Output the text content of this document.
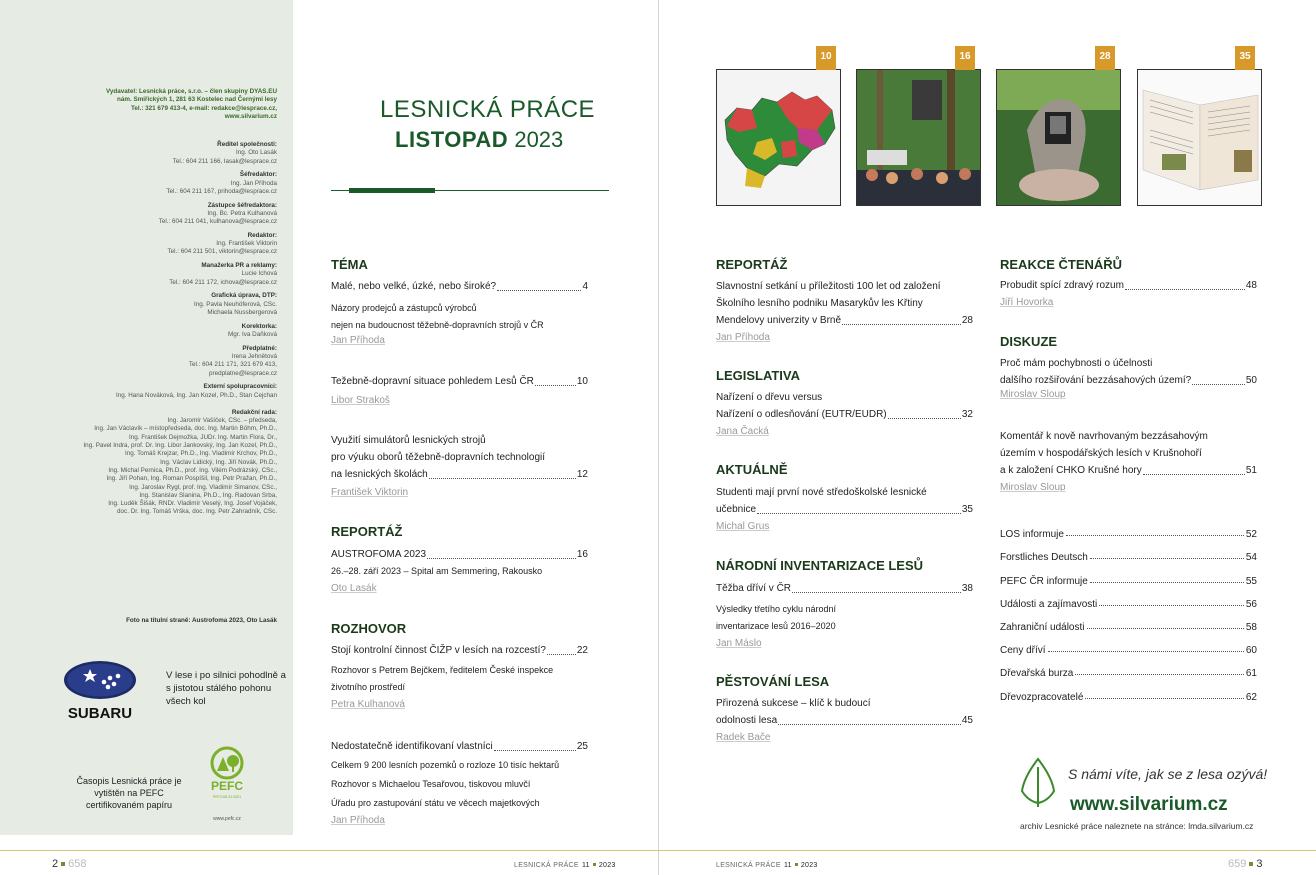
Vydavatel: Lesnická práce, s.r.o. – člen skupiny DYAS.EU
nám. Smiřických 1, 281 63 Kostelec nad Černými lesy
Tel.: 321 679 413-4, e-mail: redakce@lesprace.cz,
www.silvarium.cz
Ředitel společnosti:
Ing. Oto Lasák
Tel.: 604 211 166, lasak@lesprace.cz
Šéfredaktor:
Ing. Jan Příhoda
Tel.: 604 211 167, prihoda@lesprace.cz
Zástupce šéfredaktora:
Ing. Bc. Petra Kulhanová
Tel.: 604 211 041, kulhanova@lesprace.cz
Redaktor:
Ing. František Viktorin
Tel.: 604 211 501, viktorin@lesprace.cz
Manažerka PR a reklamy:
Lucie Ichová
Tel.: 604 211 172, ichova@lesprace.cz
Grafická úprava, DTP:
Ing. Pavla Neuhöferová, CSc.
Michaela Nussbergerová
Korektorka:
Mgr. Iva Daňková
Předplatné:
Irena Jehnětová
Tel.: 604 211 171, 321 679 413,
predplatne@lesprace.cz
Externí spolupracovníci:
Ing. Hana Nováková, Ing. Jan Kozel, Ph.D., Stan Cejchan
Redakční rada:
Ing. Jaromír Vašíček, CSc. – předseda,
Ing. Jan Václavík – místopředseda, doc. Ing. Martin Böhm, Ph.D.,
Ing. František Dejmožka, JUDr. Ing. Martin Flora, Dr.,
Ing. Pavel Indra, prof. Dr. Ing. Libor Jankovský, Ing. Jan Kozel, Ph.D.,
Ing. Tomáš Krejzar, Ph.D., Ing. Vladimír Krchov, Ph.D.,
Ing. Václav Lidický, Ing. Jiří Novák, Ph.D.,
Ing. Michal Pernica, Ph.D., prof. Ing. Vilém Podrázský, CSc.,
Ing. Jiří Pohan, Ing. Roman Pospíšil, Ing. Petr Pražan, Ph.D.,
Ing. Jaroslav Rygl, prof. Ing. Vladimír Simanov, CSc.,
Ing. Stanislav Slanina, Ph.D., Ing. Radovan Srba,
Ing. Luděk Šišák, RNDr. Vladimír Veselý, Ing. Josef Vojáček,
doc. Dr. Ing. Tomáš Vrška, doc. Ing. Petr Zahradník, CSc.
Foto na titulní straně: Austrofoma 2023, Oto Lasák
SUBARU
V lese i po silnici pohodlně a s jistotou stálého pohonu všech kol
Časopis Lesnická práce je vytištěn na PEFC certifikovaném papíru
PEFC
PEFC/08-31-0001
www.pefc.cz
LESNICKÁ PRÁCE
LISTOPAD 2023
TÉMA
Malé, nebo velké, úzké, nebo široké?	4
Názory prodejců a zástupců výrobců
nejen na budoucnost těžebně-dopravních strojů v ČR
Jan Příhoda
Težebně-dopravní situace pohledem Lesů ČR	10
Libor Strakoš
Využití simulátorů lesnických strojů
pro výuku oborů těžebně-dopravních technologií
na lesnických školách	12
František Viktorin
REPORTÁŽ
AUSTROFOMA 2023	16
26.–28. září 2023 – Spital am Semmering, Rakousko
Oto Lasák
ROZHOVOR
Stojí kontrolní činnost ČIŽP v lesích na rozcestí?	22
Rozhovor s Petrem Bejčkem, ředitelem České inspekce
životního prostředí
Petra Kulhanová
Nedostatečně identifikovaní vlastníci	25
Celkem 9 200 lesních pozemků o rozloze 10 tisíc hektarů
Rozhovor s Michaelou Tesařovou, tiskovou mluvčí
Úřadu pro zastupování státu ve věcech majetkových
Jan Příhoda
10	16	28	35
REPORTÁŽ
Slavnostní setkání u příležitosti 100 let od založení
Školního lesního podniku Masarykův les Křtiny
Mendelovy univerzity v Brně	28
Jan Příhoda
LEGISLATIVA
Nařízení o dřevu versus
Nařízení o odlesňování (EUTR/EUDR)	32
Jana Čacká
AKTUÁLNĚ
Studenti mají první nové středoškolské lesnické
učebnice	35
Michal Grus
NÁRODNÍ INVENTARIZACE LESŮ
Těžba dříví v ČR	38
Výsledky třetího cyklu národní
inventarizace lesů 2016–2020
Jan Máslo
PĚSTOVÁNÍ LESA
Přirozená sukcese – klíč k budoucí
odolnosti lesa	45
Radek Bače
REAKCE ČTENÁŘŮ
Probudit spící zdravý rozum	48
Jiří Hovorka
DISKUZE
Proč mám pochybnosti o účelnosti
dalšího rozšiřování bezzásahových území?	50
Miroslav Sloup
Komentář k nově navrhovaným bezzásahovým
územím v hospodářských lesích v Krušnohoří
a k založení CHKO Krušné hory	51
Miroslav Sloup
LOS informuje	52
Forstliches Deutsch	54
PEFC ČR informuje	55
Události a zajímavosti	56
Zahraniční události	58
Ceny dříví	60
Dřevařská burza	61
Dřevozpracovatelé	62
S námi víte, jak se z lesa ozývá!
www.silvarium.cz
archiv Lesnické práce naleznete na stránce: lmda.silvarium.cz
2 658	LESNICKÁ PRÁCE 11 2023	LESNICKÁ PRÁCE 11 2023	659 3
